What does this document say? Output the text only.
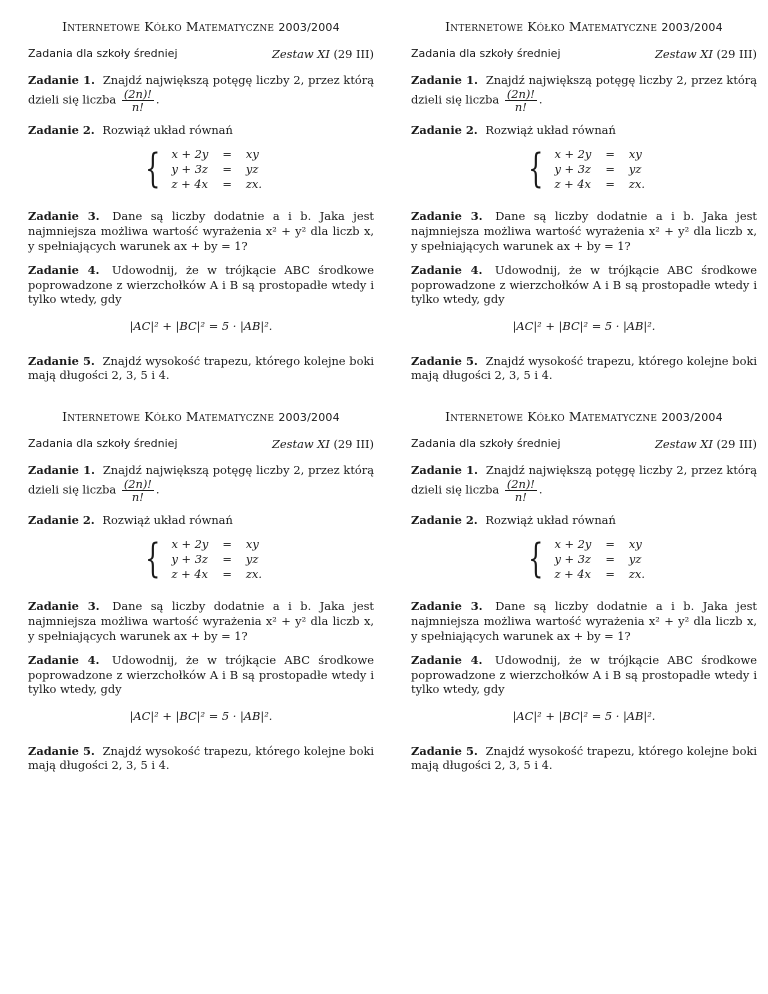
Internetowe Kółko Matematyczne 2003/2004
Zadania dla szkoły średniej	Zestaw XI (29 III)
Zadanie 1. Znajdź największą potęgę liczby 2, przez którą dzieli się liczba $\frac{(2n)!}{n!}$ .
Zadanie 2. Rozwiąż układ równań
{ x + 2y = xy
y + 3z = yz
z + 4x = zx.
Zadanie 3. Dane są liczby dodatnie a i b. Jaka jest najmniejsza możliwa wartość wyrażenia x² + y² dla liczb x, y spełniających warunek ax + by = 1?
Zadanie 4. Udowodnij, że w trójkącie ABC środkowe poprowadzone z wierzchołków A i B są prostopadłe wtedy i tylko wtedy, gdy
|AC|² + |BC|² = 5 · |AB|².
Zadanie 5. Znajdź wysokość trapezu, którego kolejne boki mają długości 2, 3, 5 i 4.
Internetowe Kółko Matematyczne 2003/2004
Zadania dla szkoły średniej	Zestaw XI (29 III)
Zadanie 1. Znajdź największą potęgę liczby 2, przez którą dzieli się liczba $\frac{(2n)!}{n!}$ .
Zadanie 2. Rozwiąż układ równań
{ x + 2y = xy
y + 3z = yz
z + 4x = zx.
Zadanie 3. Dane są liczby dodatnie a i b. Jaka jest najmniejsza możliwa wartość wyrażenia x² + y² dla liczb x, y spełniających warunek ax + by = 1?
Zadanie 4. Udowodnij, że w trójkącie ABC środkowe poprowadzone z wierzchołków A i B są prostopadłe wtedy i tylko wtedy, gdy
|AC|² + |BC|² = 5 · |AB|².
Zadanie 5. Znajdź wysokość trapezu, którego kolejne boki mają długości 2, 3, 5 i 4.
Internetowe Kółko Matematyczne 2003/2004
Zadania dla szkoły średniej	Zestaw XI (29 III)
Zadanie 1. Znajdź największą potęgę liczby 2, przez którą dzieli się liczba $\frac{(2n)!}{n!}$ .
Zadanie 2. Rozwiąż układ równań
{ x + 2y = xy
y + 3z = yz
z + 4x = zx.
Zadanie 3. Dane są liczby dodatnie a i b. Jaka jest najmniejsza możliwa wartość wyrażenia x² + y² dla liczb x, y spełniających warunek ax + by = 1?
Zadanie 4. Udowodnij, że w trójkącie ABC środkowe poprowadzone z wierzchołków A i B są prostopadłe wtedy i tylko wtedy, gdy
|AC|² + |BC|² = 5 · |AB|².
Zadanie 5. Znajdź wysokość trapezu, którego kolejne boki mają długości 2, 3, 5 i 4.
Internetowe Kółko Matematyczne 2003/2004
Zadania dla szkoły średniej	Zestaw XI (29 III)
Zadanie 1. Znajdź największą potęgę liczby 2, przez którą dzieli się liczba $\frac{(2n)!}{n!}$ .
Zadanie 2. Rozwiąż układ równań
{ x + 2y = xy
y + 3z = yz
z + 4x = zx.
Zadanie 3. Dane są liczby dodatnie a i b. Jaka jest najmniejsza możliwa wartość wyrażenia x² + y² dla liczb x, y spełniających warunek ax + by = 1?
Zadanie 4. Udowodnij, że w trójkącie ABC środkowe poprowadzone z wierzchołków A i B są prostopadłe wtedy i tylko wtedy, gdy
|AC|² + |BC|² = 5 · |AB|².
Zadanie 5. Znajdź wysokość trapezu, którego kolejne boki mają długości 2, 3, 5 i 4.
